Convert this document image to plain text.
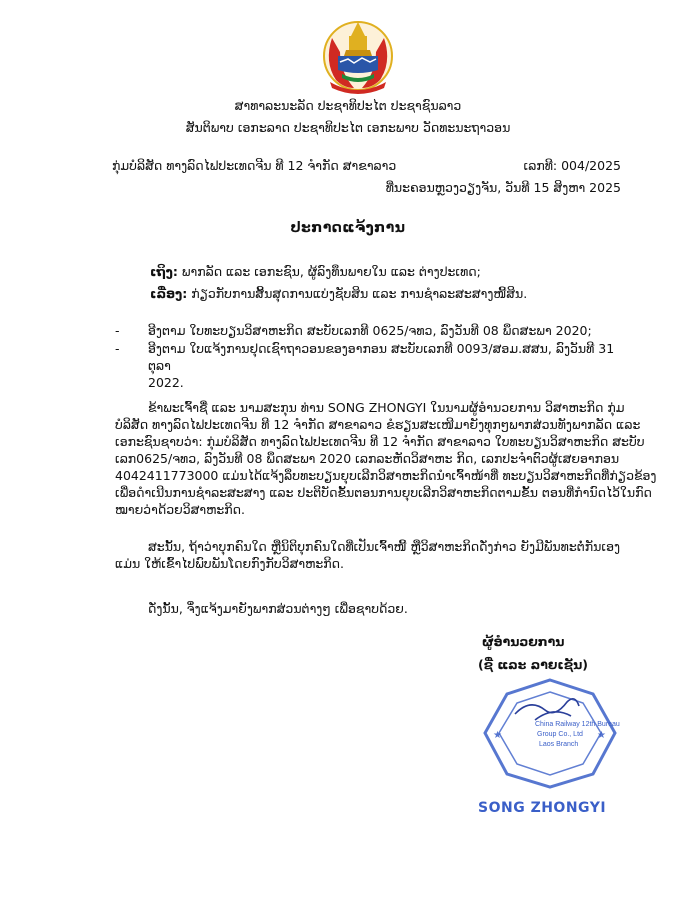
ສາທາລະນະລັດ ປະຊາທິປະໄຕ ປະຊາຊົນລາວ
ສັນຕິພາບ ເອກະລາດ ປະຊາທິປະໄຕ ເອກະພາບ ວັດທະນະຖາວອນ
ກຸ່ມບໍລິສັດ ທາງລົດໄຟປະເທດຈີນ ທີ 12 ຈໍາກັດ ສາຂາລາວ	ເລກທີ: 004/2025
ທີ່ນະຄອນຫຼວງວຽງຈັນ, ວັນທີ 15 ສິງຫາ 2025
ປະກາດແຈ້ງການ
ເຖິງ: ພາກລັດ ແລະ ເອກະຊົນ, ຜູ້ລົງທຶນພາຍໃນ ແລະ ຕ່າງປະເທດ;
ເລື່ອງ: ກ່ຽວກັບການສິ້ນສຸດການແບ່ງຊັບສິນ ແລະ ການຊໍາລະສະສາງໜີ້ສິນ.
- ອີງຕາມ ໃບທະບຽນວິສາຫະກິດ ສະບັບເລກທີ 0625/ຈທວ, ລົງວັນທີ 08 ພຶດສະພາ 2020;
- ອີງຕາມ ໃບແຈ້ງການຢຸດເຊົາຖາວອນຂອງອາກອນ ສະບັບເລກທີ 0093/ສອມ.ສສນ, ລົງວັນທີ 31 ຕຸລາ
2022.
ຂ້າພະເຈົ້າຊື່ ແລະ ນາມສະກຸນ ທ່ານ SONG ZHONGYI ໃນນາມຜູ້ອໍານວຍການ ວິສາຫະກິດ ກຸ່ມ
ບໍລິສັດ ທາງລົດໄຟປະເທດຈີນ ທີ 12 ຈໍາກັດ ສາຂາລາວ ຂໍຮຽນສະເໜີມາຍັງທຸກໆພາກສ່ວນທັງພາກລັດ ແລະ
ເອກະຊົນຊາບວ່າ: ກຸ່ມບໍລິສັດ ທາງລົດໄຟປະເທດຈີນ ທີ 12 ຈໍາກັດ ສາຂາລາວ ໃບທະບຽນວິສາຫະກິດ ສະບັບ
ເລກ0625/ຈທວ, ລົງວັນທີ 08 ພຶດສະພາ 2020 ເລກລະຫັດວິສາຫະ ກິດ, ເລກປະຈໍາຕົວຜູ້ເສຍອາກອນ
4042411773000 ແມ່ນໄດ້ແຈ້ງລຶບທະບຽນຍຸບເລີກວິສາຫະກິດນໍາເຈົ້າໜ້າທີ່ ທະບຽນວິສາຫະກິດທີ່ກ່ຽວຂ້ອງ
ເພື່ອດໍາເນີນການຊໍາລະສະສາງ ແລະ ປະຕິບັດຂັ້ນຕອນການຍຸບເລີກວິສາຫະກິດຕາມຂັ້ນ ຕອນທີ່ກໍານົດໄວ້ໃນກົດ
ໝາຍວ່າດ້ວຍວິສາຫະກິດ.
ສະນັ້ນ, ຖ້າວ່າບຸກຄົນໃດ ຫຼືນິຕິບຸກຄົນໃດທີ່ເປັນເຈົ້າໜີ້ ຫຼືວິສາຫະກິດດັ່ງກ່າວ ຍັງມີພັນທະຕໍ່ກັນເອງ
ແມ່ນ ໃຫ້ເຂົ້າໄປພົບພັນໂດຍກົງກັບວິສາຫະກິດ.
ດັ່ງນັ້ນ, ຈຶ່ງແຈ້ງມາຍັງພາກສ່ວນຕ່າງໆ ເພື່ອຊາບດ້ວຍ.
ຜູ້ອໍານວຍການ
(ຊື່ ແລະ ລາຍເຊັນ)
★	★
China Railway 12th Bureau
Group Co., Ltd
Laos Branch
SONG ZHONGYI
